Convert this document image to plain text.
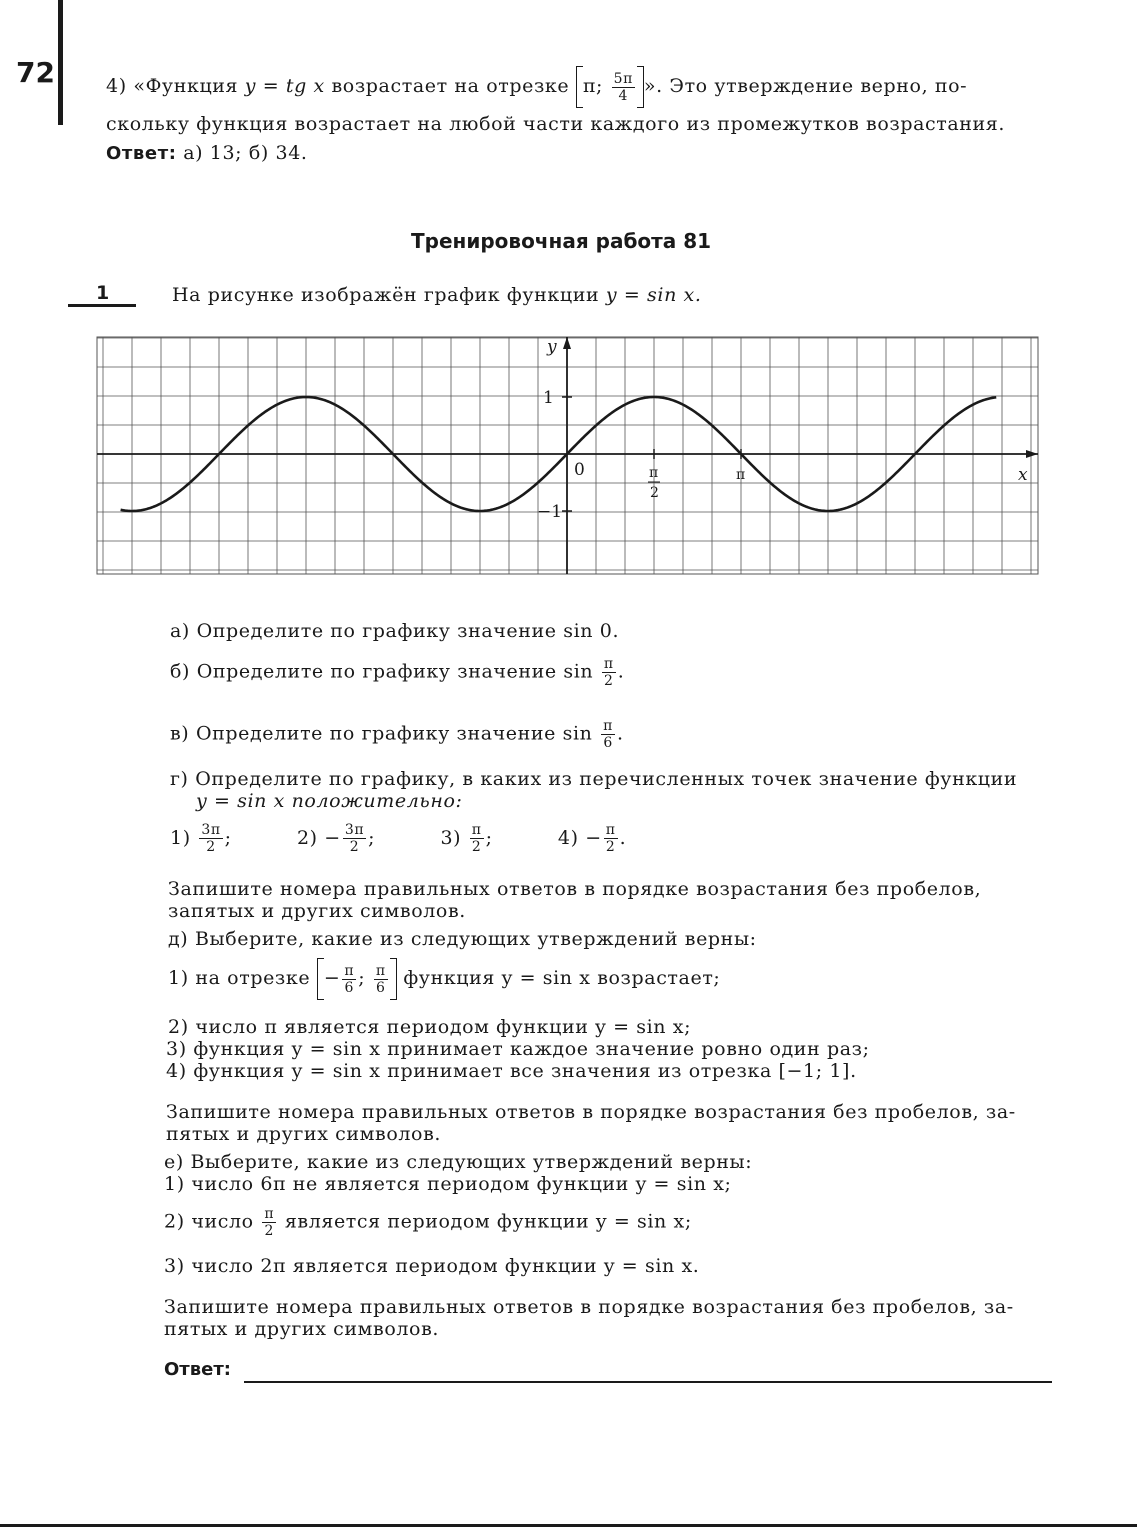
72	4) «Функция y = tg x возрастает на отрезке π; $\frac{5\pi}{4}$ ». Это утверждение верно, по-
скольку функция возрастает на любой части каждого из промежутков возрастания.
Ответ: а) 13; б) 34.
Тренировочная работа 81
1	На рисунке изображён график функции y = sin x.
y
x
0
1
−1
π
2
π
а) Определите по графику значение sin 0.
б) Определите по графику значение $\sin \frac{\pi}{2}$ .
в) Определите по графику значение $\sin \frac{\pi}{6}$ .
г) Определите по графику, в каких из перечисленных точек значение функции
y = sin x положительно:
$1) \frac{3\pi}{2}$ ;	$2) - \frac{3\pi}{2}$ ;	$3) \frac{\pi}{2}$ ;	$4) - \frac{\pi}{2}$ .
Запишите номера правильных ответов в порядке возрастания без пробелов,
запятых и других символов.
д) Выберите, какие из следующих утверждений верны:
1) на отрезке − $\frac{\pi}{6}$ ; $\frac{\pi}{6}$ функция y = sin x возрастает;
2) число π является периодом функции y = sin x;
3) функция y = sin x принимает каждое значение ровно один раз;
4) функция y = sin x принимает все значения из отрезка [−1; 1].
Запишите номера правильных ответов в порядке возрастания без пробелов, за-
пятых и других символов.
е) Выберите, какие из следующих утверждений верны:
1) число 6π не является периодом функции y = sin x;
2) число $\frac{\pi}{2}$ является периодом функции y = sin x;
3) число 2π является периодом функции y = sin x.
Запишите номера правильных ответов в порядке возрастания без пробелов, за-
пятых и других символов.
Ответ:
